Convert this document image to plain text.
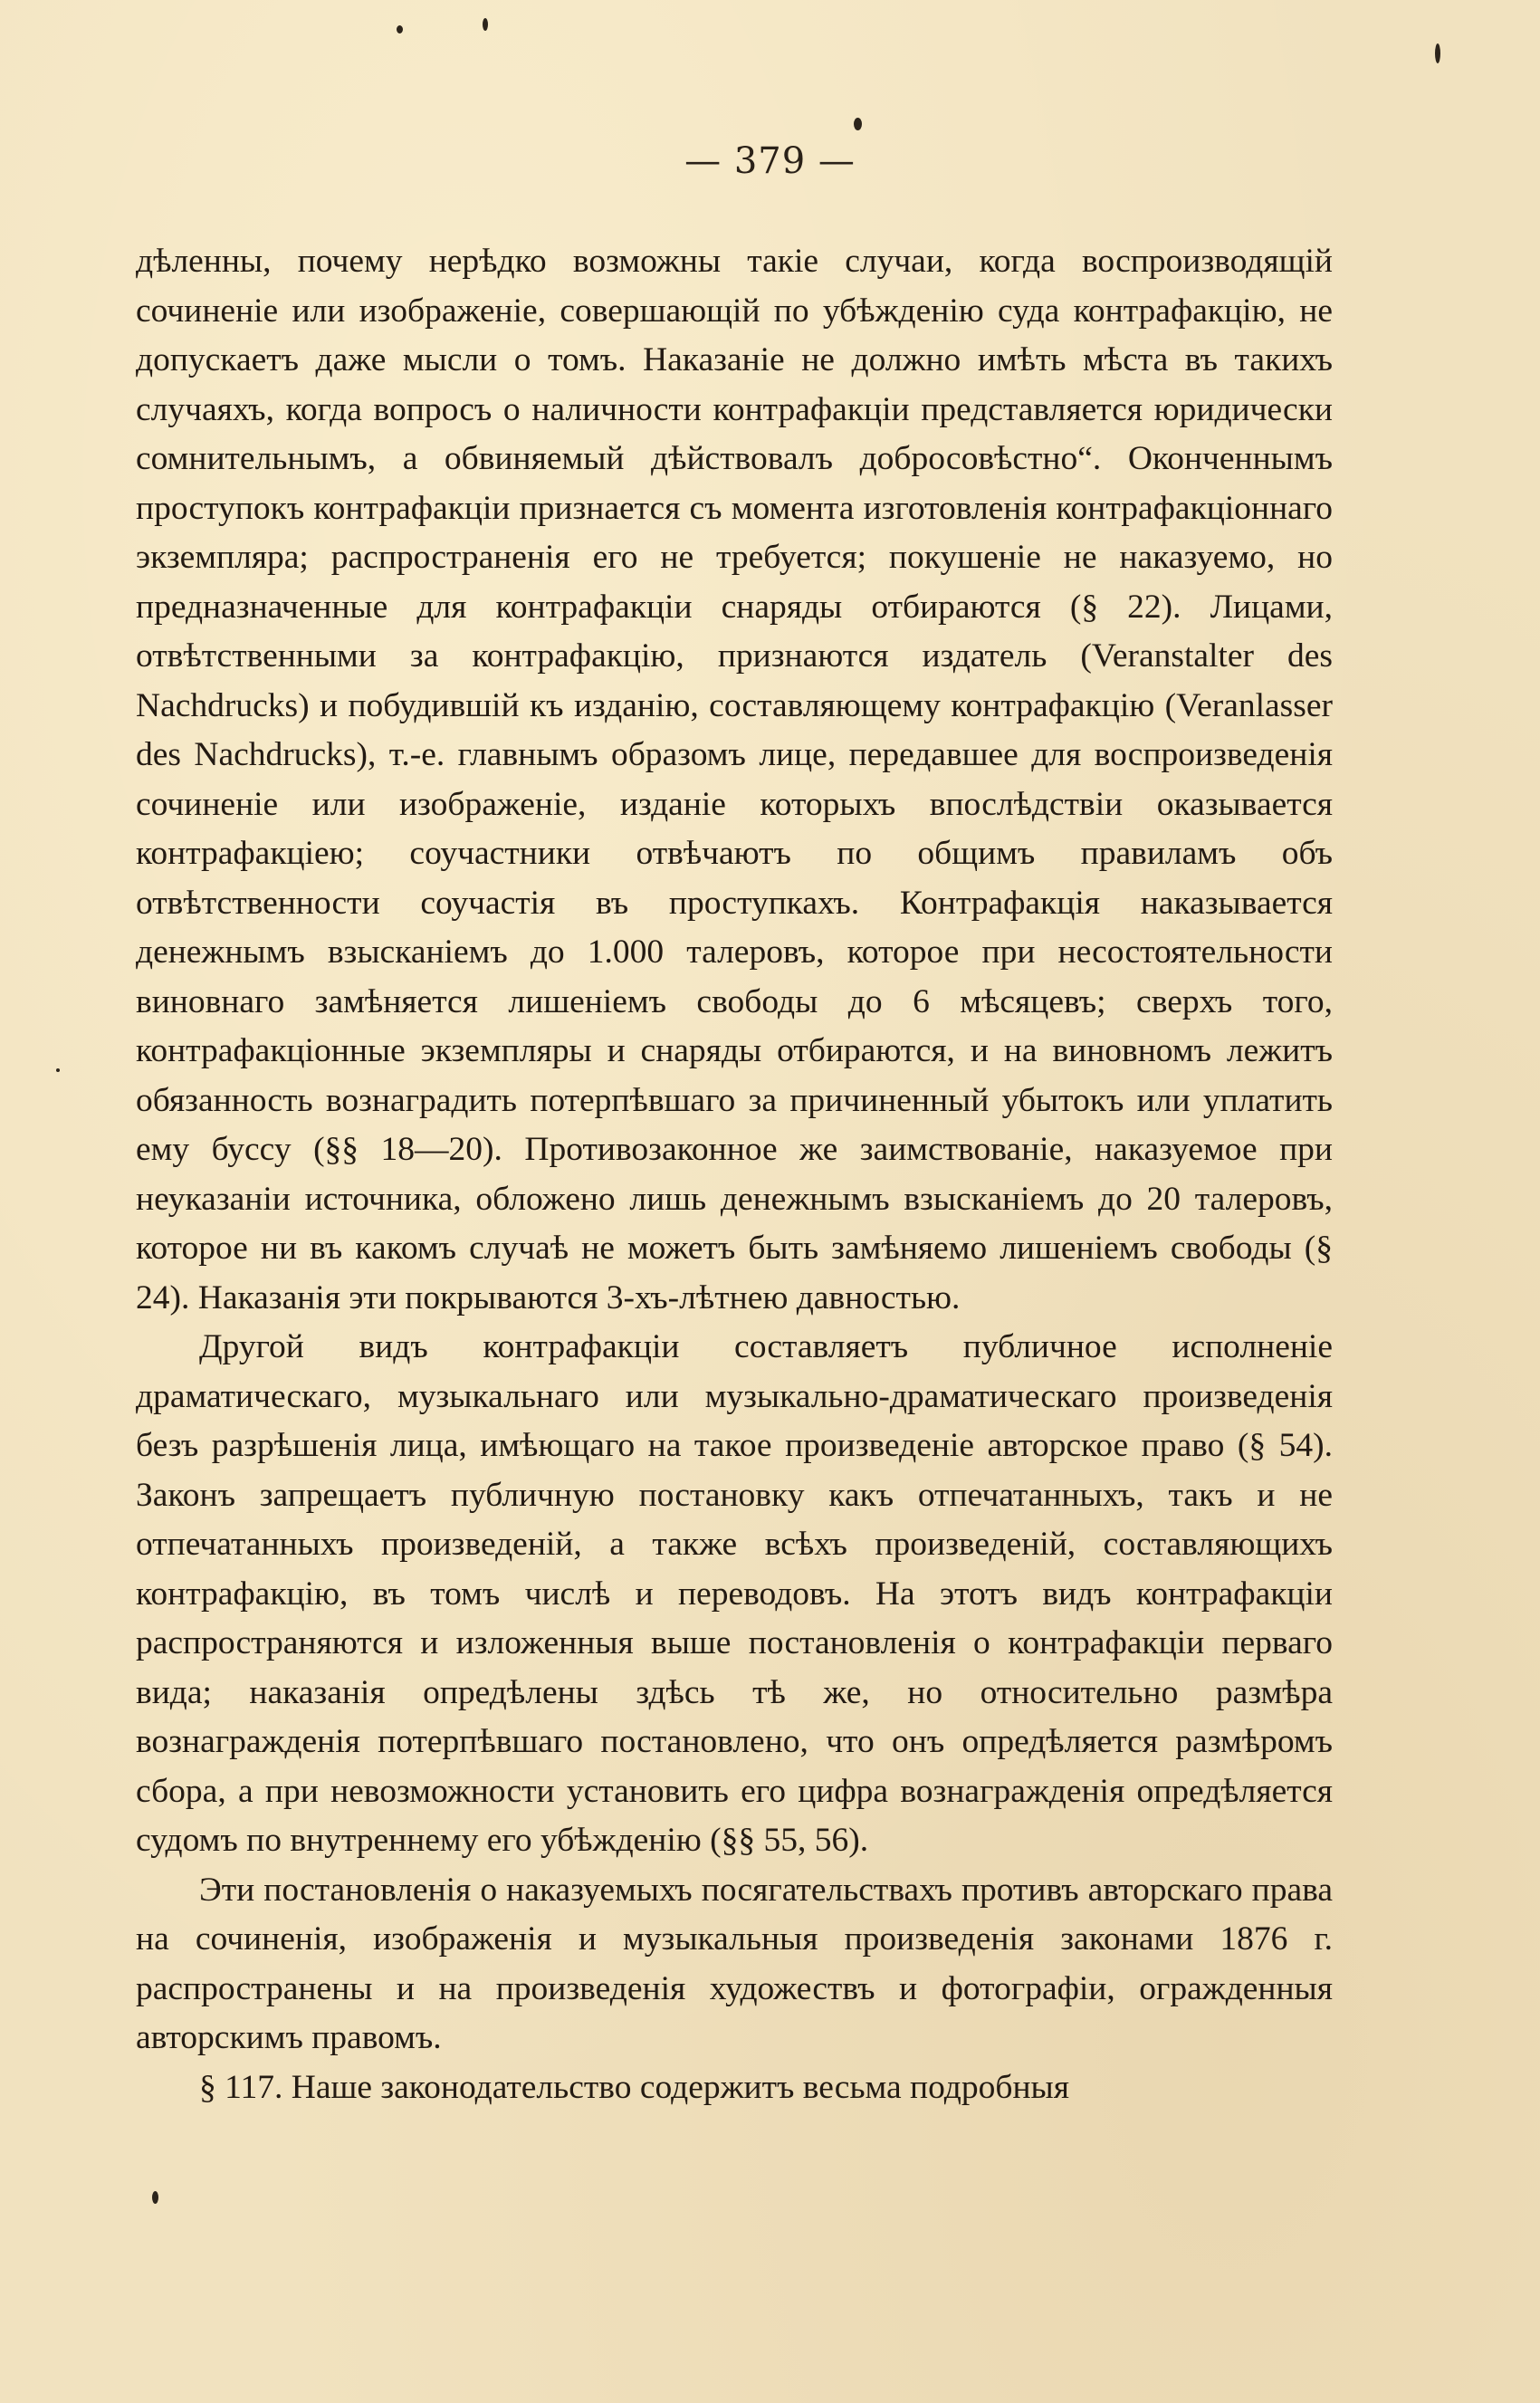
— 379 —

дѣленны, почему нерѣдко возможны такіе случаи, когда воспроизводящій сочиненіе или изображеніе, совершающій по убѣжденію суда контрафакцію, не допускаетъ даже мысли о томъ. Наказаніе не должно имѣть мѣста въ такихъ случаяхъ, когда вопросъ о наличности контрафакціи представляется юридически сомнительнымъ, а обвиняемый дѣйствовалъ добросовѣстно“. Оконченнымъ проступокъ контрафакціи признается съ момента изготовленія контрафакціоннаго экземпляра; распространенія его не требуется; покушеніе не наказуемо, но предназначенные для контрафакціи снаряды отбираются (§ 22). Лицами, отвѣтственными за контрафакцію, признаются издатель (Veranstalter des Nachdrucks) и побудившій къ изданію, составляющему контрафакцію (Veranlasser des Nachdrucks), т.-е. главнымъ образомъ лице, передавшее для воспроизведенія сочиненіе или изображеніе, изданіе которыхъ впослѣдствіи оказывается контрафакціею; соучастники отвѣчаютъ по общимъ правиламъ объ отвѣтственности соучастія въ проступкахъ. Контрафакція наказывается денежнымъ взысканіемъ до 1.000 талеровъ, которое при несостоятельности виновнаго замѣняется лишеніемъ свободы до 6 мѣсяцевъ; сверхъ того, контрафакціонные экземпляры и снаряды отбираются, и на виновномъ лежитъ обязанность вознаградить потерпѣвшаго за причиненный убытокъ или уплатить ему буссу (§§ 18—20). Противозаконное же заимствованіе, наказуемое при неуказаніи источника, обложено лишь денежнымъ взысканіемъ до 20 талеровъ, которое ни въ какомъ случаѣ не можетъ быть замѣняемо лишеніемъ свободы (§ 24). Наказанія эти покрываются 3-хъ-лѣтнею давностью.

Другой видъ контрафакціи составляетъ публичное исполненіе драматическаго, музыкальнаго или музыкально-драматическаго произведенія безъ разрѣшенія лица, имѣющаго на такое произведеніе авторское право (§ 54). Законъ запрещаетъ публичную постановку какъ отпечатанныхъ, такъ и не отпечатанныхъ произведеній, а также всѣхъ произведеній, составляющихъ контрафакцію, въ томъ числѣ и переводовъ. На этотъ видъ контрафакціи распространяются и изложенныя выше постановленія о контрафакціи перваго вида; наказанія опредѣлены здѣсь тѣ же, но относительно размѣра вознагражденія потерпѣвшаго постановлено, что онъ опредѣляется размѣромъ сбора, а при невозможности установить его цифра вознагражденія опредѣляется судомъ по внутреннему его убѣжденію (§§ 55, 56).

Эти постановленія о наказуемыхъ посягательствахъ противъ авторскаго права на сочиненія, изображенія и музыкальныя произведенія законами 1876 г. распространены и на произведенія художествъ и фотографіи, огражденныя авторскимъ правомъ.

§ 117. Наше законодательство содержитъ весьма подробныя
